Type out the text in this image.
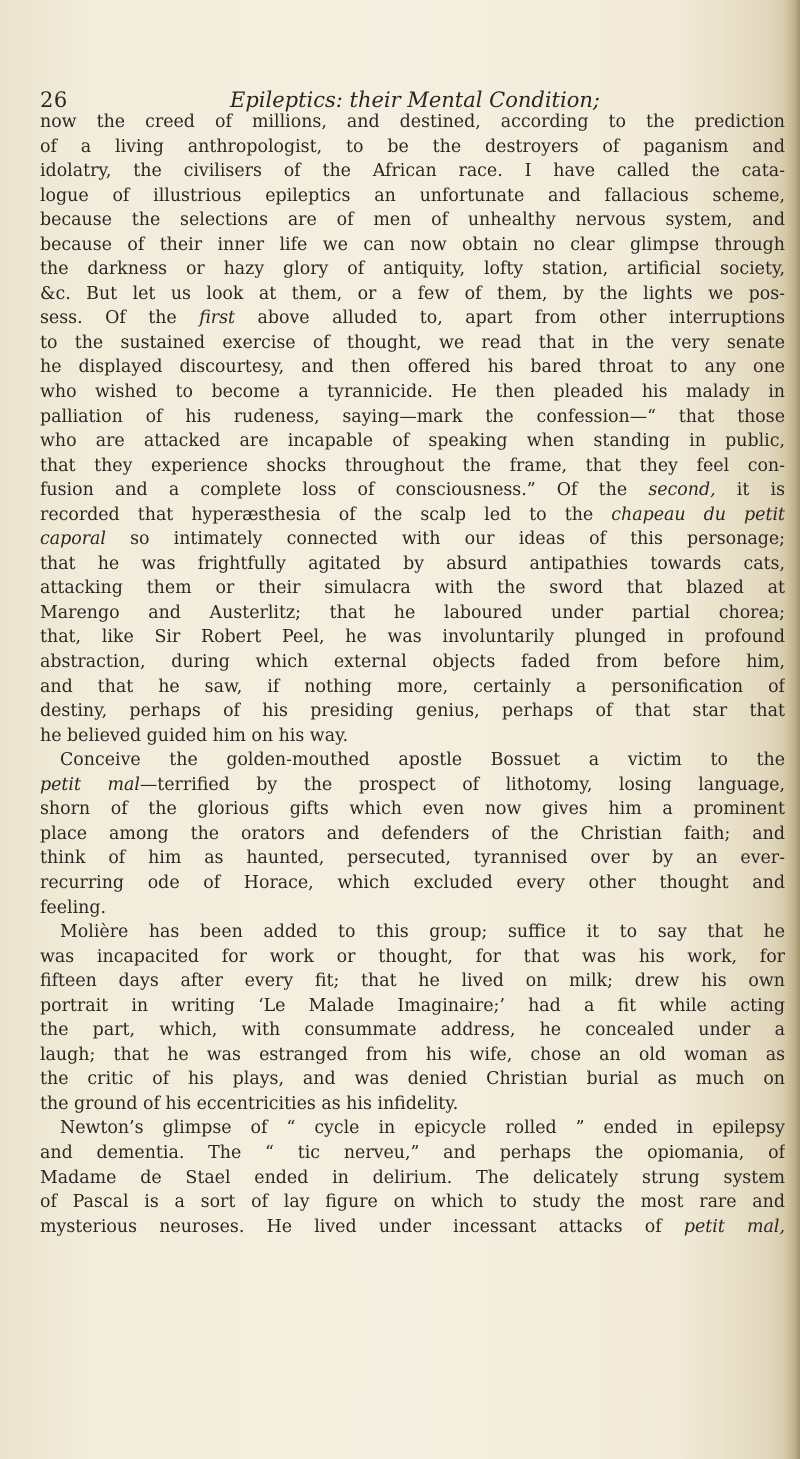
26	Epileptics: their Mental Condition;
now the creed of millions, and destined, according to the prediction
of a living anthropologist, to be the destroyers of paganism and
idolatry, the civilisers of the African race. I have called the cata-
logue of illustrious epileptics an unfortunate and fallacious scheme,
because the selections are of men of unhealthy nervous system, and
because of their inner life we can now obtain no clear glimpse through
the darkness or hazy glory of antiquity, lofty station, artificial society,
&c. But let us look at them, or a few of them, by the lights we pos-
sess. Of the first above alluded to, apart from other interruptions
to the sustained exercise of thought, we read that in the very senate
he displayed discourtesy, and then offered his bared throat to any one
who wished to become a tyrannicide. He then pleaded his malady in
palliation of his rudeness, saying—mark the confession—“ that those
who are attacked are incapable of speaking when standing in public,
that they experience shocks throughout the frame, that they feel con-
fusion and a complete loss of consciousness.” Of the second, it is
recorded that hyperæsthesia of the scalp led to the chapeau du petit
caporal so intimately connected with our ideas of this personage;
that he was frightfully agitated by absurd antipathies towards cats,
attacking them or their simulacra with the sword that blazed at
Marengo and Austerlitz; that he laboured under partial chorea;
that, like Sir Robert Peel, he was involuntarily plunged in profound
abstraction, during which external objects faded from before him,
and that he saw, if nothing more, certainly a personification of
destiny, perhaps of his presiding genius, perhaps of that star that
he believed guided him on his way.
Conceive the golden-mouthed apostle Bossuet a victim to the
petit mal—terrified by the prospect of lithotomy, losing language,
shorn of the glorious gifts which even now gives him a prominent
place among the orators and defenders of the Christian faith; and
think of him as haunted, persecuted, tyrannised over by an ever-
recurring ode of Horace, which excluded every other thought and
feeling.
Molière has been added to this group; suffice it to say that he
was incapacited for work or thought, for that was his work, for
fifteen days after every fit; that he lived on milk; drew his own
portrait in writing ‘Le Malade Imaginaire;’ had a fit while acting
the part, which, with consummate address, he concealed under a
laugh; that he was estranged from his wife, chose an old woman as
the critic of his plays, and was denied Christian burial as much on
the ground of his eccentricities as his infidelity.
Newton’s glimpse of “ cycle in epicycle rolled ” ended in epilepsy
and dementia. The “ tic nerveu,” and perhaps the opiomania, of
Madame de Stael ended in delirium. The delicately strung system
of Pascal is a sort of lay figure on which to study the most rare and
mysterious neuroses. He lived under incessant attacks of petit mal,
